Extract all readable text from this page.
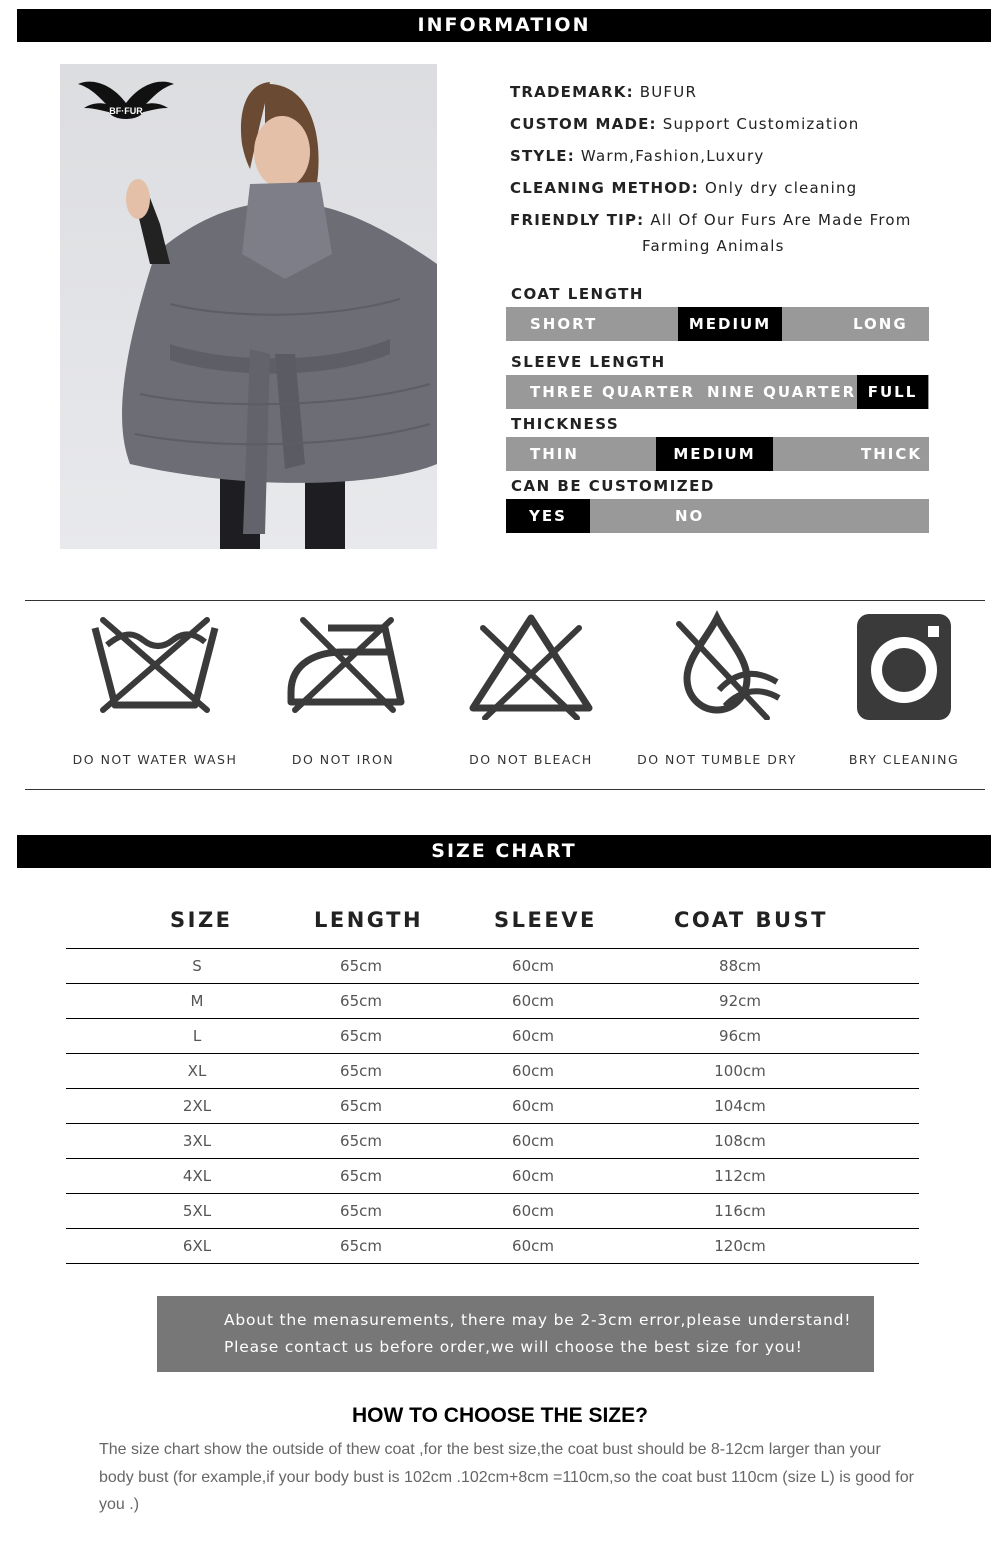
INFORMATION
BF·FUR
TRADEMARK: BUFUR
CUSTOM MADE: Support Customization
STYLE: Warm,Fashion,Luxury
CLEANING METHOD: Only dry cleaning
FRIENDLY TIP: All Of Our Furs Are Made From
Farming Animals
COAT LENGTH
SHORT	MEDIUM	LONG
SLEEVE LENGTH
THREE QUARTER NINE QUARTER FULL
THICKNESS
THIN	MEDIUM	THICK
CAN BE CUSTOMIZED
YES	NO
DO NOT WATER WASH	DO NOT IRON	DO NOT BLEACH	DO NOT TUMBLE DRY	BRY CLEANING
SIZE CHART
SIZE	LENGTH	SLEEVE	COAT BUST
S	65cm	60cm	88cm
M	65cm	60cm	92cm
L	65cm	60cm	96cm
XL	65cm	60cm	100cm
2XL	65cm	60cm	104cm
3XL	65cm	60cm	108cm
4XL	65cm	60cm	112cm
5XL	65cm	60cm	116cm
6XL	65cm	60cm	120cm
About the menasurements, there may be 2-3cm error,please understand!
Please contact us before order,we will choose the best size for you!
HOW TO CHOOSE THE SIZE?
The size chart show the outside of thew coat ,for the best size,the coat bust should be 8-12cm larger than your body bust (for example,if your body bust is 102cm .102cm+8cm =110cm,so the coat bust 110cm (size L) is good for you .)
